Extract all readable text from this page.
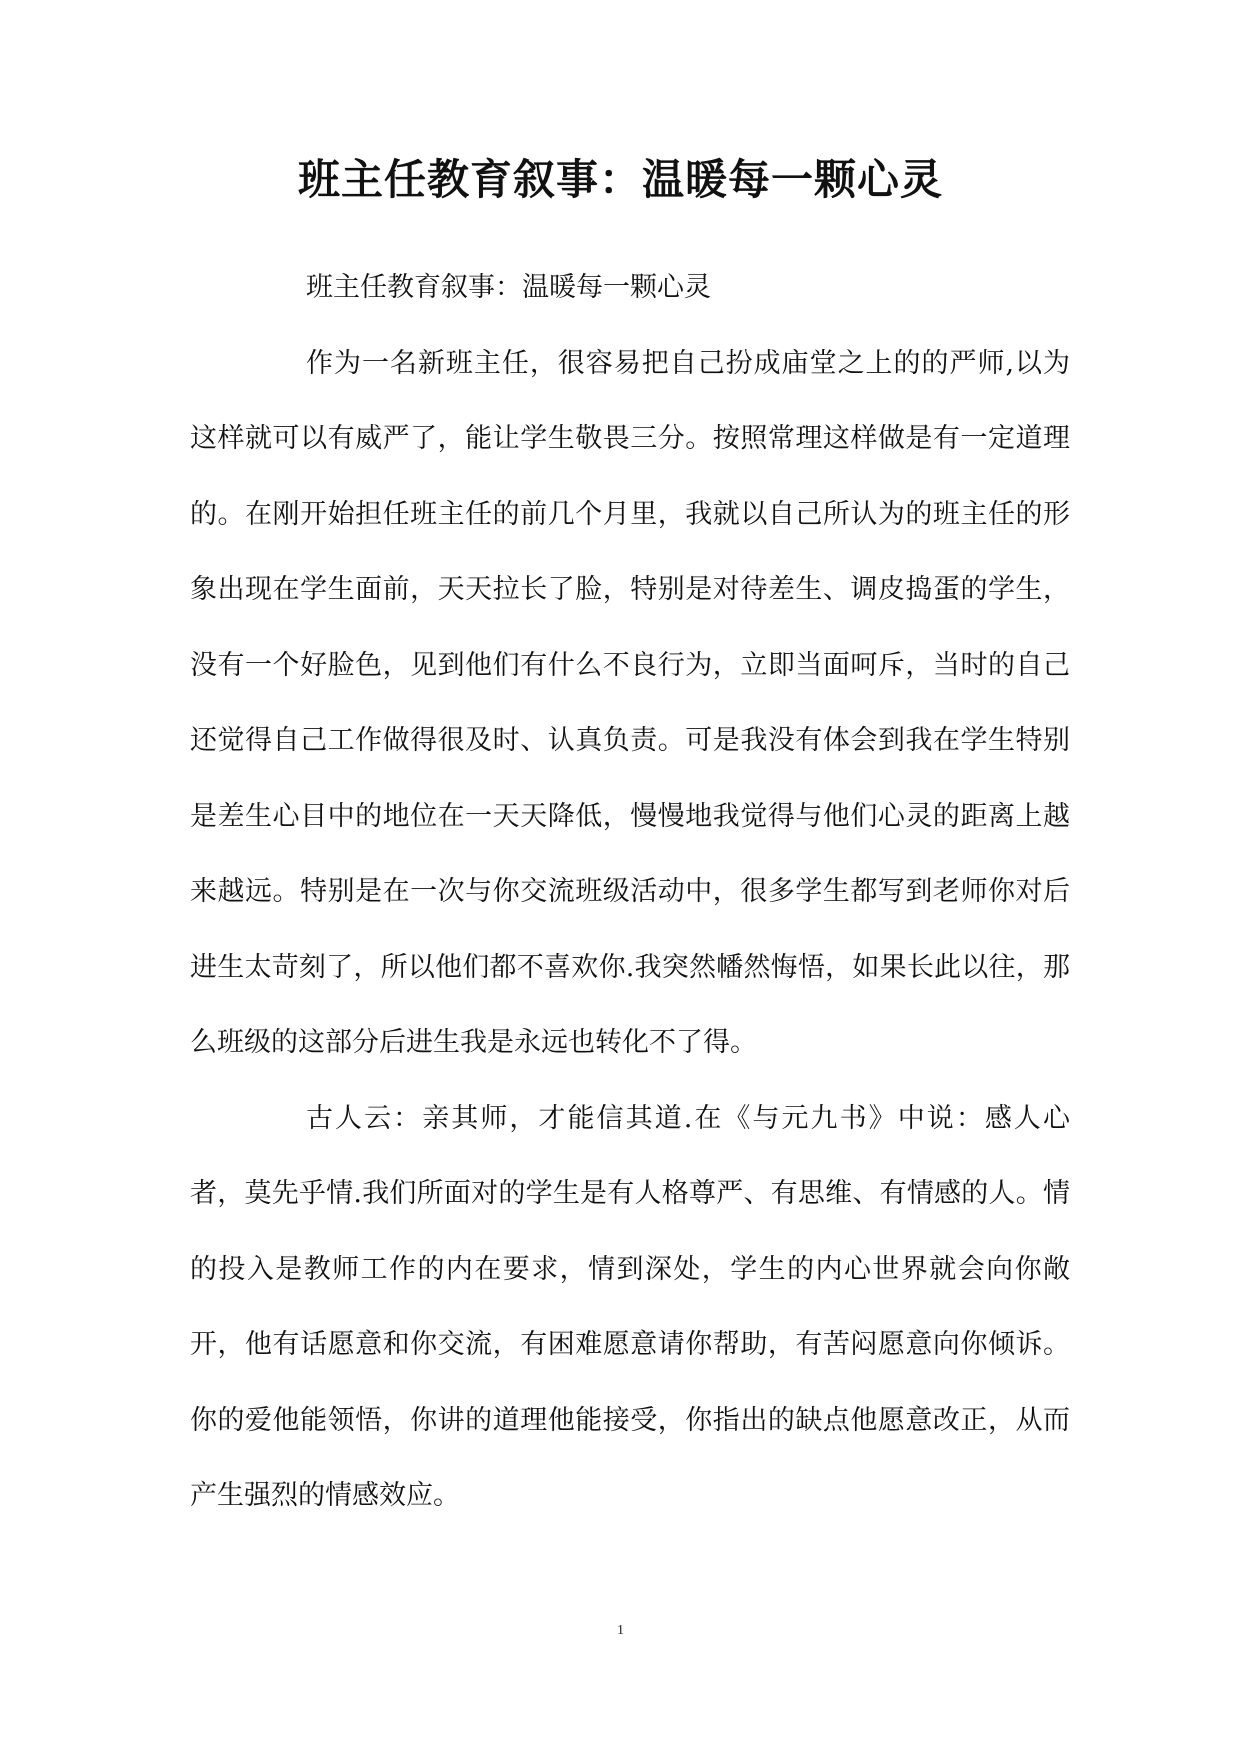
班主任教育叙事：温暖每一颗心灵

班主任教育叙事：温暖每一颗心灵

作为一名新班主任，很容易把自己扮成庙堂之上的的严师,以为这样就可以有威严了，能让学生敬畏三分。按照常理这样做是有一定道理的。在刚开始担任班主任的前几个月里，我就以自己所认为的班主任的形象出现在学生面前，天天拉长了脸，特别是对待差生、调皮捣蛋的学生，没有一个好脸色，见到他们有什么不良行为，立即当面呵斥，当时的自己还觉得自己工作做得很及时、认真负责。可是我没有体会到我在学生特别是差生心目中的地位在一天天降低，慢慢地我觉得与他们心灵的距离上越来越远。特别是在一次与你交流班级活动中，很多学生都写到老师你对后进生太苛刻了，所以他们都不喜欢你.我突然幡然悔悟，如果长此以往，那么班级的这部分后进生我是永远也转化不了得。

古人云：亲其师，才能信其道.在《与元九书》中说：感人心者，莫先乎情.我们所面对的学生是有人格尊严、有思维、有情感的人。情的投入是教师工作的内在要求，情到深处，学生的内心世界就会向你敞开，他有话愿意和你交流，有困难愿意请你帮助，有苦闷愿意向你倾诉。你的爱他能领悟，你讲的道理他能接受，你指出的缺点他愿意改正，从而产生强烈的情感效应。

1
